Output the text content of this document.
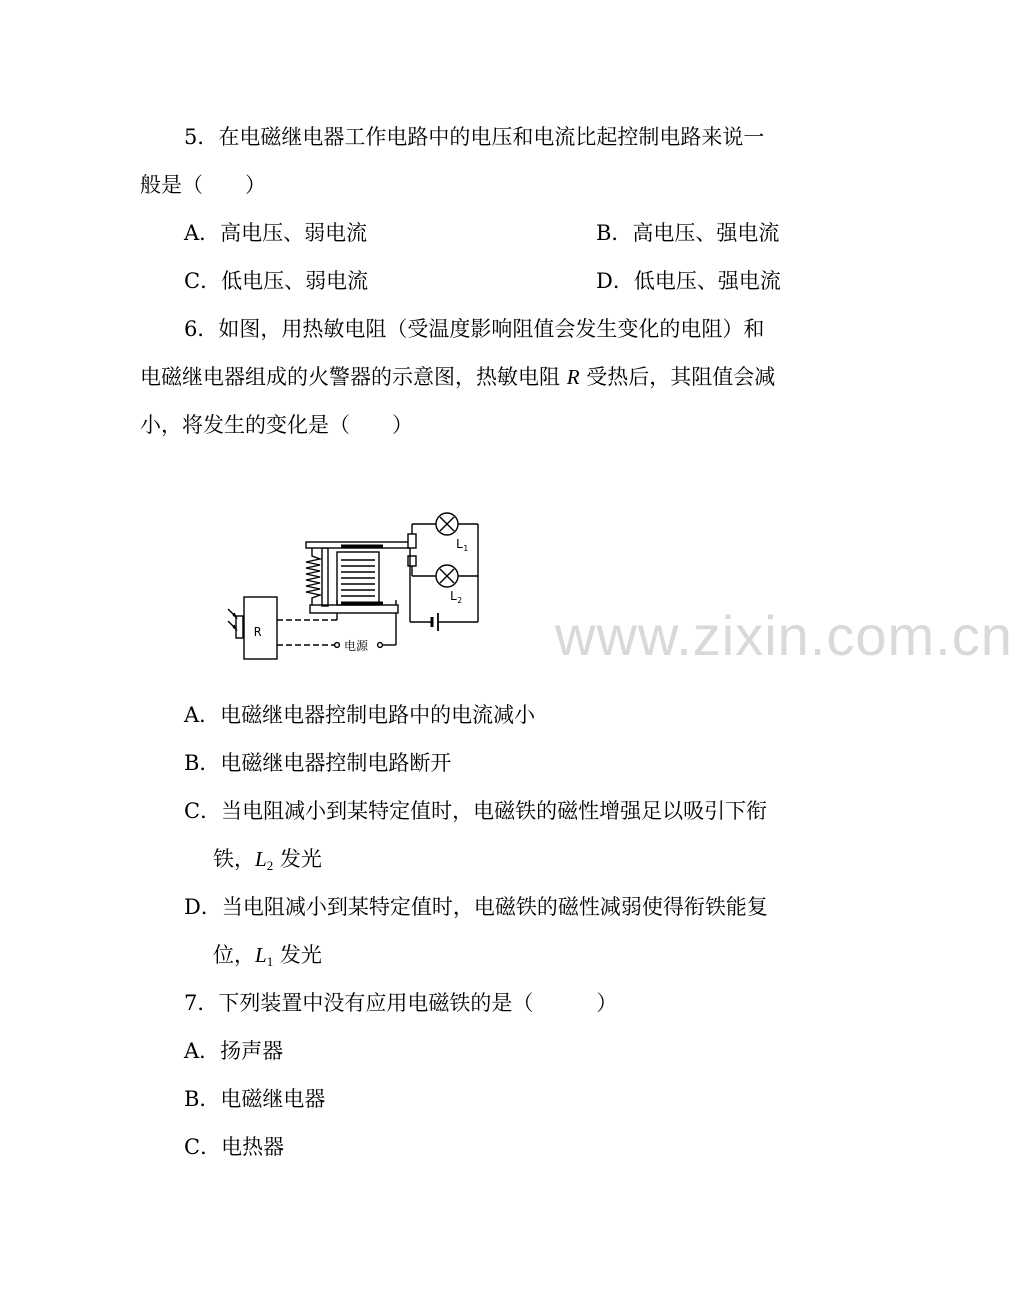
5．在电磁继电器工作电路中的电压和电流比起控制电路来说一
般是（　　）
A．高电压、弱电流	B．高电压、强电流
C．低电压、弱电流	D．低电压、强电流
6．如图，用热敏电阻（受温度影响阻值会发生变化的电阻）和
电磁继电器组成的火警器的示意图，热敏电阻 R 受热后，其阻值会减
小，将发生的变化是（　　）
R
$L_1$
$L_2$
电源	www.zixin.com.cn
A．电磁继电器控制电路中的电流减小
B．电磁继电器控制电路断开
C．当电阻减小到某特定值时，电磁铁的磁性增强足以吸引下衔
铁，$L_2$ 发光
D．当电阻减小到某特定值时，电磁铁的磁性减弱使得衔铁能复
位，$L_1$ 发光
7．下列装置中没有应用电磁铁的是（　　　）
A．扬声器
B．电磁继电器
C．电热器
